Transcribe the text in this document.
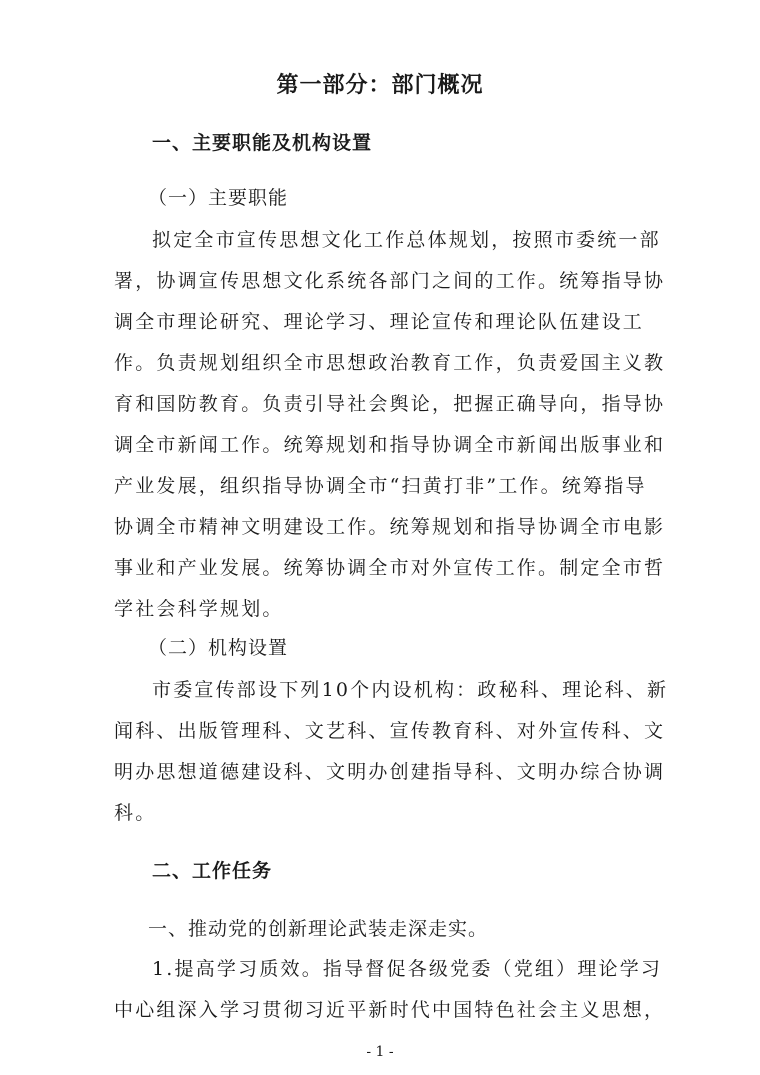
第一部分：部门概况
一、主要职能及机构设置
（一）主要职能
拟定全市宣传思想文化工作总体规划，按照市委统一部
署，协调宣传思想文化系统各部门之间的工作。统筹指导协
调全市理论研究、理论学习、理论宣传和理论队伍建设工
作。负责规划组织全市思想政治教育工作，负责爱国主义教
育和国防教育。负责引导社会舆论，把握正确导向，指导协
调全市新闻工作。统筹规划和指导协调全市新闻出版事业和
产业发展，组织指导协调全市“扫黄打非”工作。统筹指导
协调全市精神文明建设工作。统筹规划和指导协调全市电影
事业和产业发展。统筹协调全市对外宣传工作。制定全市哲
学社会科学规划。
（二）机构设置
市委宣传部设下列10个内设机构：政秘科、理论科、新
闻科、出版管理科、文艺科、宣传教育科、对外宣传科、文
明办思想道德建设科、文明办创建指导科、文明办综合协调
科。
二、工作任务
一、推动党的创新理论武装走深走实。
1.提高学习质效。指导督促各级党委（党组）理论学习
中心组深入学习贯彻习近平新时代中国特色社会主义思想，
- 1 -
